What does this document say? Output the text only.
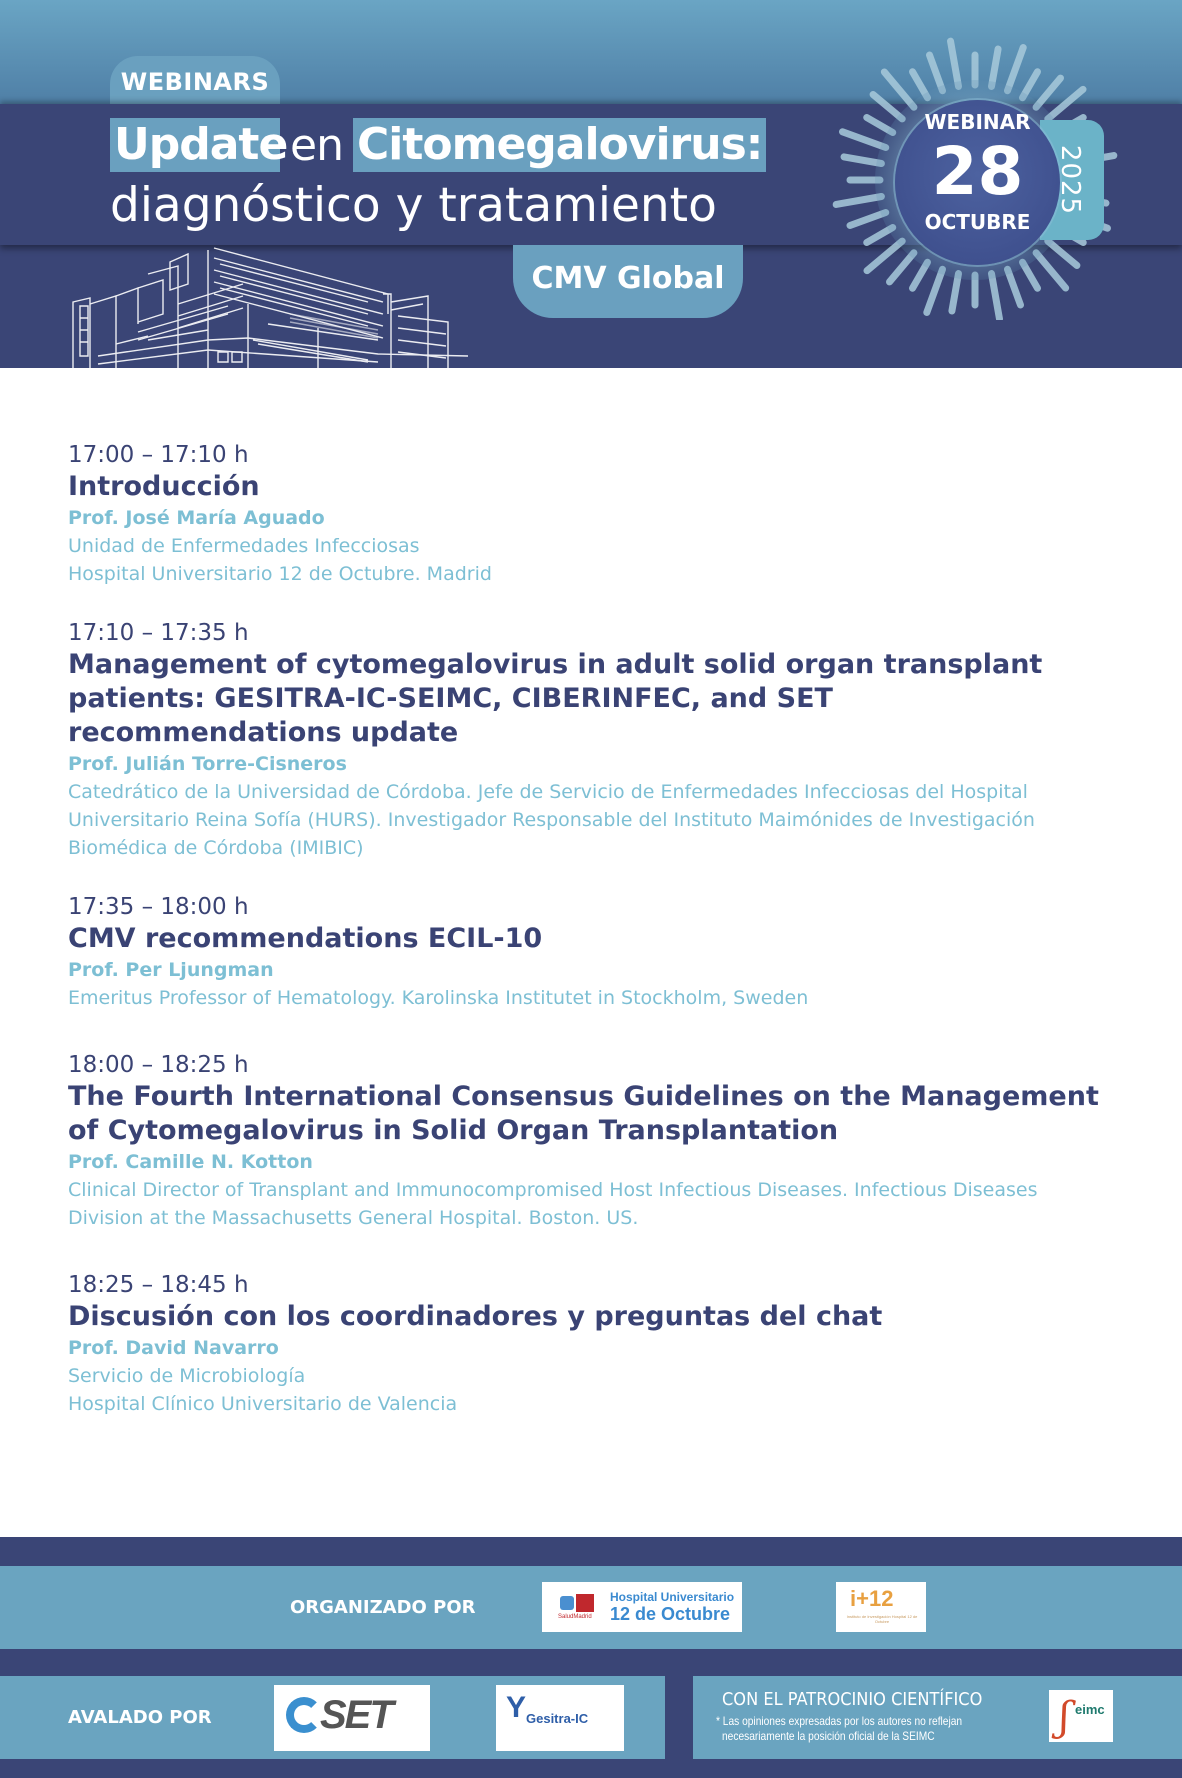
WEBINARS
Update en Citomegalovirus:
diagnóstico y tratamiento
CMV Global
WEBINAR
28
OCTUBRE
2025
17:00 – 17:10 h
Introducción
Prof. José María Aguado
Unidad de Enfermedades Infecciosas
Hospital Universitario 12 de Octubre. Madrid
17:10 – 17:35 h
Management of cytomegalovirus in adult solid organ transplant patients: GESITRA-IC-SEIMC, CIBERINFEC, and SET recommendations update
Prof. Julián Torre-Cisneros
Catedrático de la Universidad de Córdoba. Jefe de Servicio de Enfermedades Infecciosas del Hospital Universitario Reina Sofía (HURS). Investigador Responsable del Instituto Maimónides de Investigación Biomédica de Córdoba (IMIBIC)
17:35 – 18:00 h
CMV recommendations ECIL-10
Prof. Per Ljungman
Emeritus Professor of Hematology. Karolinska Institutet in Stockholm, Sweden
18:00 – 18:25 h
The Fourth International Consensus Guidelines on the Management of Cytomegalovirus in Solid Organ Transplantation
Prof. Camille N. Kotton
Clinical Director of Transplant and Immunocompromised Host Infectious Diseases. Infectious Diseases Division at the Massachusetts General Hospital. Boston. US.
18:25 – 18:45 h
Discusión con los coordinadores y preguntas del chat
Prof. David Navarro
Servicio de Microbiología
Hospital Clínico Universitario de Valencia
ORGANIZADO POR	SaludMadrid
Hospital Universitario
12 de Octubre
i+12
Instituto de Investigación Hospital 12 de Octubre
AVALADO POR	SET	Y Gesitra-IC
CON EL PATROCINIO CIENTÍFICO
* Las opiniones expresadas por los autores no reflejan
necesariamente la posición oficial de la SEIMC	ʃ eimc
